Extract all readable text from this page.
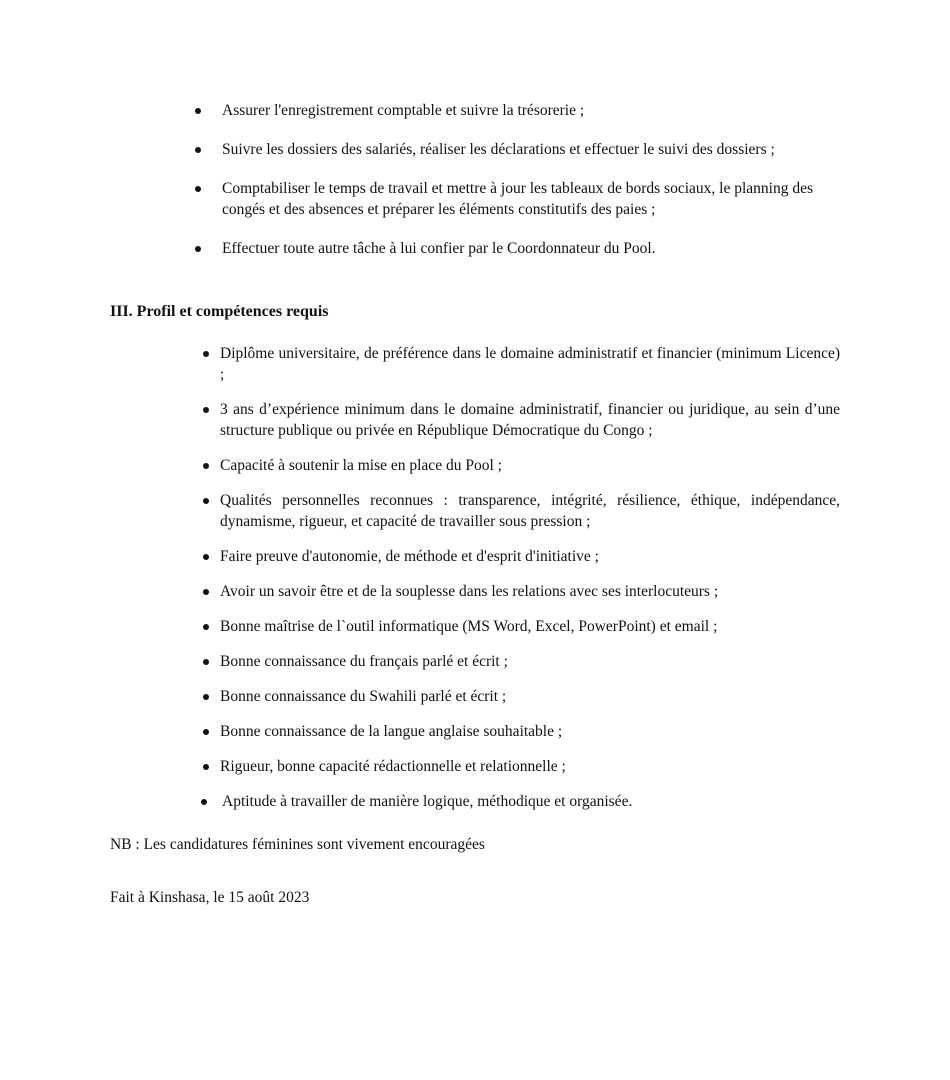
Assurer l'enregistrement comptable et suivre la trésorerie ;
Suivre les dossiers des salariés, réaliser les déclarations et effectuer le suivi des dossiers ;
Comptabiliser le temps de travail et mettre à jour les tableaux de bords sociaux, le planning des congés et des absences et préparer les éléments constitutifs des paies ;
Effectuer toute autre tâche à lui confier par le Coordonnateur du Pool.
III. Profil et compétences requis
Diplôme universitaire, de préférence dans le domaine administratif et financier (minimum Licence) ;
3 ans d’expérience minimum dans le domaine administratif, financier ou juridique, au sein d’une structure publique ou privée en République Démocratique du Congo ;
Capacité à soutenir la mise en place du Pool ;
Qualités personnelles reconnues : transparence, intégrité, résilience, éthique, indépendance, dynamisme, rigueur, et capacité de travailler sous pression ;
Faire preuve d'autonomie, de méthode et d'esprit d'initiative ;
Avoir un savoir être et de la souplesse dans les relations avec ses interlocuteurs ;
Bonne maîtrise de l`outil informatique (MS Word, Excel, PowerPoint) et email ;
Bonne connaissance du français parlé et écrit ;
Bonne connaissance du Swahili parlé et écrit ;
Bonne connaissance de la langue anglaise souhaitable ;
Rigueur, bonne capacité rédactionnelle et relationnelle ;
Aptitude à travailler de manière logique, méthodique et organisée.
NB : Les candidatures féminines sont vivement encouragées
Fait à Kinshasa, le 15 août 2023
